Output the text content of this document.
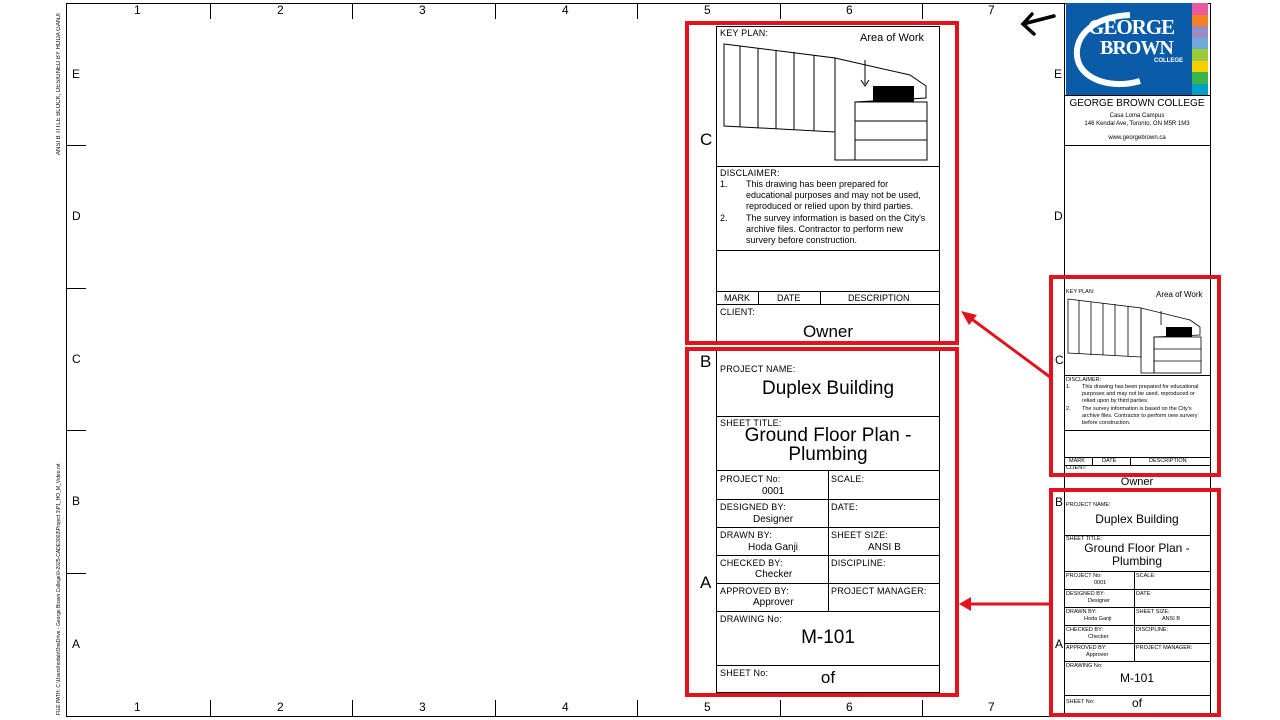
ANSI B TITLE BLOCK, DESIGNED BY HODA GANJI
FILE PATH: C:\Users\hodab\OneDrive - George Brown College\0-2025-CADE3003\Project 1\P1_HO_M_Video.rvt
1	2	3	4	5	6	7
1	2	3	4	5	6	7
E
D
C
B
A
E
D
C
KEY PLAN:	Area of Work
DISCLAIMER:
1. This drawing has been prepared for educational purposes and may not be used, reproduced or relied upon by third parties.
2. The survey information is based on the City's archive files. Contractor to perform new survery before construction.
MARK	DATE	DESCRIPTION
CLIENT:
Owner
B
A
PROJECT NAME:
Duplex Building
SHEET TITLE:
Ground Floor Plan -
Plumbing
PROJECT No:
0001
SCALE:
DESIGNED BY:
Designer
DATE:
DRAWN BY:
Hoda Ganji
SHEET SIZE:
ANSI B
CHECKED BY:
Checker
DISCIPLINE:
APPROVED BY:
Approver
PROJECT MANAGER:
DRAWING No:
M-101
SHEET No:	of
GEORGE
BROWN
COLLEGE
GEORGE BROWN COLLEGE
Casa Loma Campus
146 Kendal Ave, Toronto, ON M5R 1M3
www.georgebrown.ca
KEY PLAN:	Area of Work
DISCLAIMER:
1. This drawing has been prepared for educational purposes and may not be used, reproduced or relied upon by third parties.
2. The survey information is based on the City's archive files. Contractor to perform new survery before construction.
MARK	DATE	DESCRIPTION
CLIENT:
Owner
PROJECT NAME:
Duplex Building
SHEET TITLE:
Ground Floor Plan -
Plumbing
PROJECT No:
0001
SCALE:
DESIGNED BY:
Designer
DATE:
DRAWN BY:
Hoda Ganji
SHEET SIZE:
ANSI B
CHECKED BY:
Checker
DISCIPLINE:
APPROVED BY:
Approver
PROJECT MANAGER:
DRAWING No:
M-101
SHEET No:	of
C
B
A
